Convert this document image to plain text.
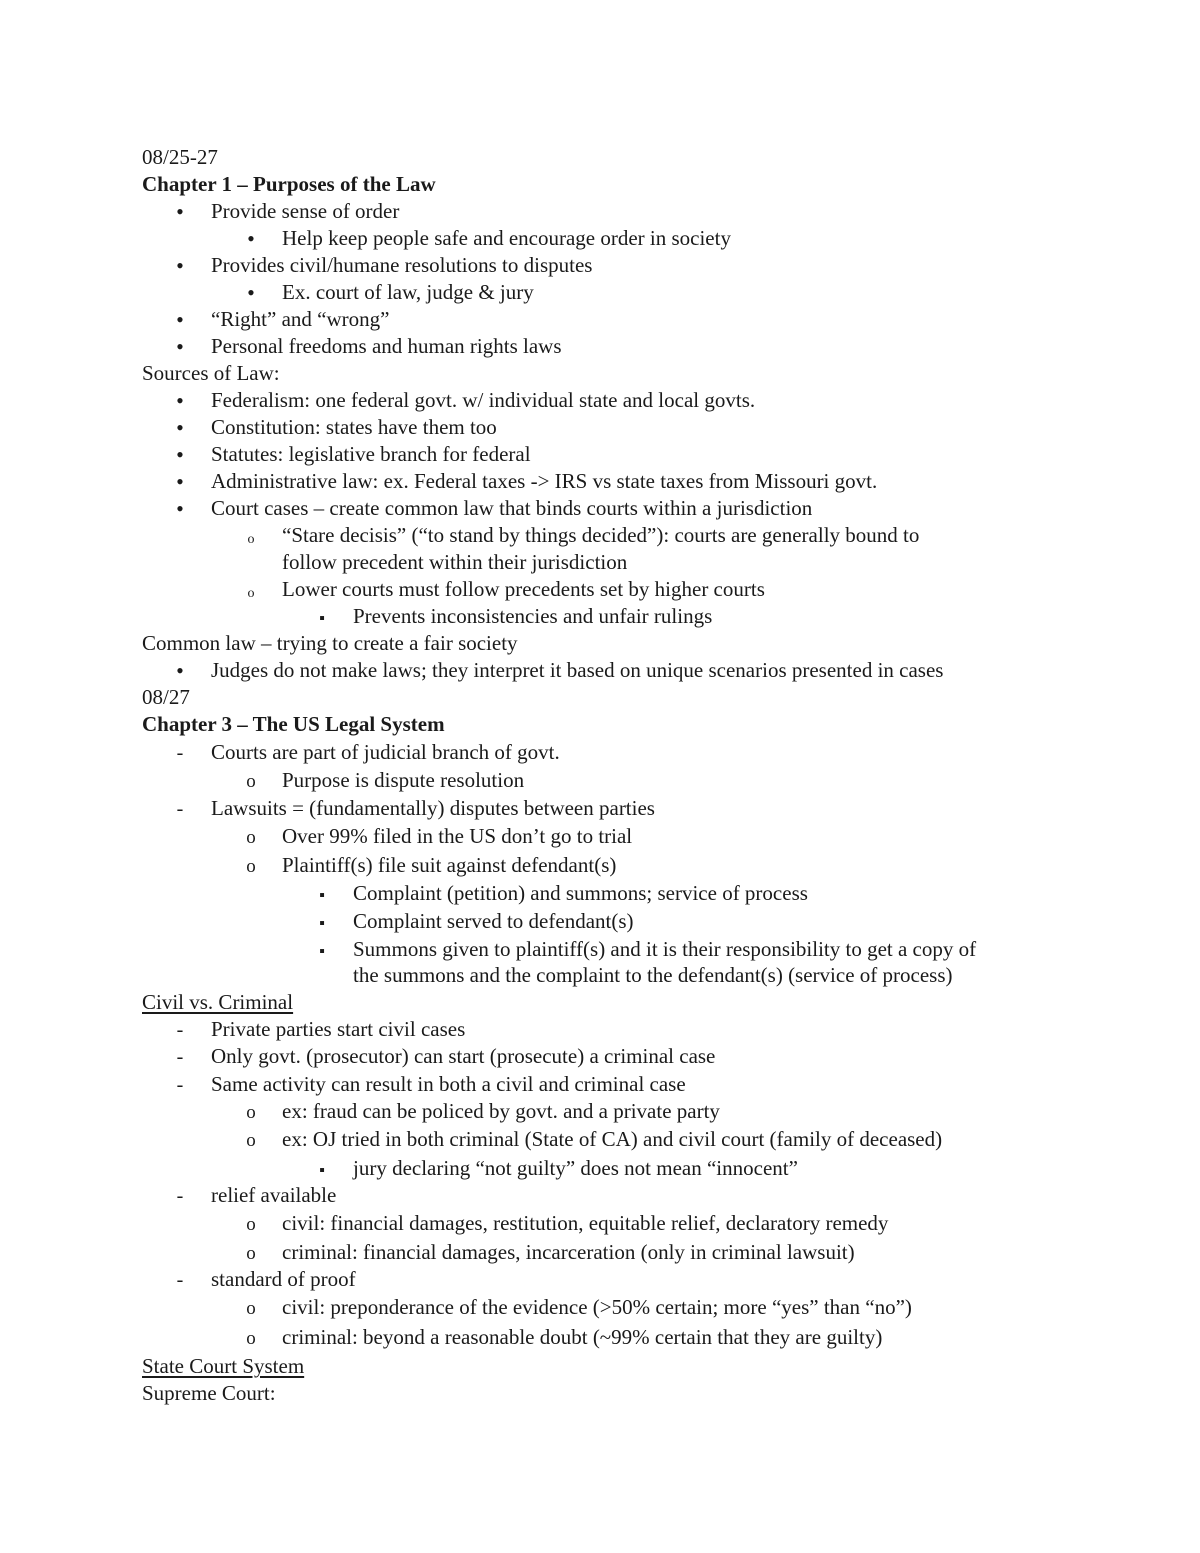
08/25-27
Chapter 1 – Purposes of the Law
•
Provide sense of order
•
Help keep people safe and encourage order in society
•
Provides civil/humane resolutions to disputes
•
Ex. court of law, judge & jury
•
“Right” and “wrong”
•
Personal freedoms and human rights laws
Sources of Law:
•
Federalism: one federal govt. w/ individual state and local govts.
•
Constitution: states have them too
•
Statutes: legislative branch for federal
•
Administrative law: ex. Federal taxes -> IRS vs state taxes from Missouri govt.
•
Court cases – create common law that binds courts within a jurisdiction
o
“Stare decisis” (“to stand by things decided”): courts are generally bound to
follow precedent within their jurisdiction
o
Lower courts must follow precedents set by higher courts
▪
Prevents inconsistencies and unfair rulings
Common law – trying to create a fair society
•
Judges do not make laws; they interpret it based on unique scenarios presented in cases
08/27
Chapter 3 – The US Legal System
-
Courts are part of judicial branch of govt.
o
Purpose is dispute resolution
-
Lawsuits = (fundamentally) disputes between parties
o
Over 99% filed in the US don’t go to trial
o
Plaintiff(s) file suit against defendant(s)
▪
Complaint (petition) and summons; service of process
▪
Complaint served to defendant(s)
▪
Summons given to plaintiff(s) and it is their responsibility to get a copy of
the summons and the complaint to the defendant(s) (service of process)
Civil vs. Criminal
-
Private parties start civil cases
-
Only govt. (prosecutor) can start (prosecute) a criminal case
-
Same activity can result in both a civil and criminal case
o
ex: fraud can be policed by govt. and a private party
o
ex: OJ tried in both criminal (State of CA) and civil court (family of deceased)
▪
jury declaring “not guilty” does not mean “innocent”
-
relief available
o
civil: financial damages, restitution, equitable relief, declaratory remedy
o
criminal: financial damages, incarceration (only in criminal lawsuit)
-
standard of proof
o
civil: preponderance of the evidence (>50% certain; more “yes” than “no”)
o
criminal: beyond a reasonable doubt (~99% certain that they are guilty)
State Court System
Supreme Court:
